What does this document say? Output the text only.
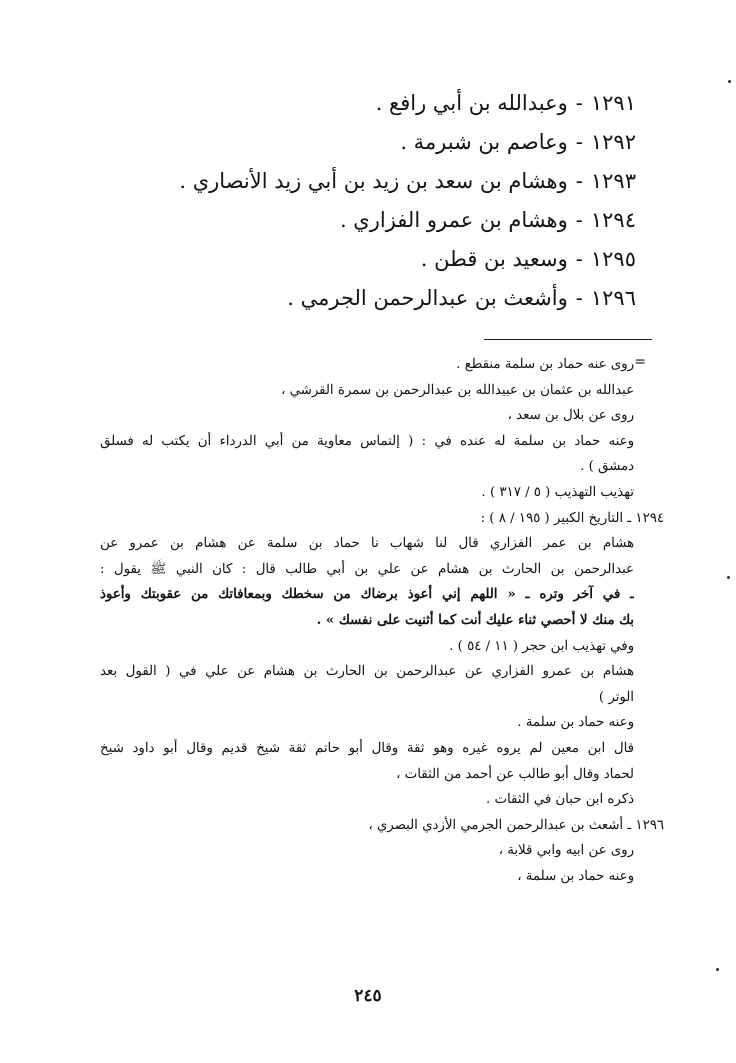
١٢٩١-وعبدالله بن أبي رافع .
١٢٩٢-وعاصم بن شبرمة .
١٢٩٣-وهشام بن سعد بن زيد بن أبي زيد الأنصاري .
١٢٩٤-وهشام بن عمرو الفزاري .
١٢٩٥-وسعيد بن قطن .
١٢٩٦-وأشعث بن عبدالرحمن الجرمي .
=
روى عنه حماد بن سلمة منقطع .
عبدالله بن عثمان بن عبيدالله بن عبدالرحمن بن سمرة القرشي ،
روى عن بلال بن سعد ،
وعنه حماد بن سلمة له عنده في : ( إلتماس معاوية من أبي الدرداء أن يكتب له فسلق
دمشق ) .
تهذيب التهذيب ( ٥ / ٣١٧ ) .
١٢٩٤ ـ التاريخ الكبير ( ١٩٥ / ٨ ) :
هشام بن عمر الفزاري قال لنا شهاب نا حماد بن سلمة عن هشام بن عمرو عن
عبدالرحمن بن الحارث بن هشام عن علي بن أبي طالب قال : كان النبي ﷺ يقول :
ـ في آخر وتره ـ « اللهم إني أعوذ برضاك من سخطك وبمعافاتك من عقوبتك وأعوذ
بك منك لا أحصي ثناء عليك أنت كما أثنيت على نفسك » .
وفي تهذيب ابن حجر ( ١١ / ٥٤ ) .
هشام بن عمرو الفزاري عن عبدالرحمن بن الحارث بن هشام عن علي في ( القول بعد
الوتر )
وعنه حماد بن سلمة .
قال ابن معين لم يروه غيره وهو ثقة وقال أبو حاتم ثقة شيخ قديم وقال أبو داود شيخ
لحماد وقال أبو طالب عن أحمد من الثقات ،
ذكره ابن حبان في الثقات .
١٢٩٦ ـ أشعث بن عبدالرحمن الجرمي الأزدي البصري ،
روى عن ابيه وابي قلابة ،
وعنه حماد بن سلمة ،
٢٤٥
